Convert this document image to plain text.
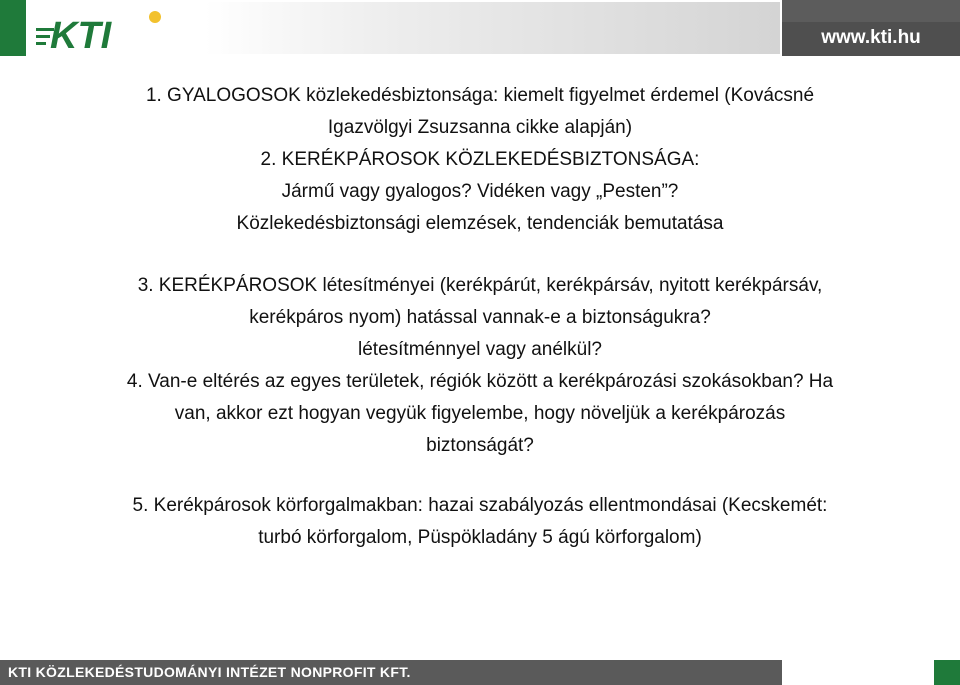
KTI	www.kti.hu

1. GYALOGOSOK közlekedésbiztonsága: kiemelt figyelmet érdemel (Kovácsné

Igazvölgyi Zsuzsanna cikke alapján)

2. KERÉKPÁROSOK KÖZLEKEDÉSBIZTONSÁGA:

Jármű vagy gyalogos? Vidéken vagy „Pesten”?

Közlekedésbiztonsági elemzések, tendenciák bemutatása

3. KERÉKPÁROSOK létesítményei (kerékpárút, kerékpársáv, nyitott kerékpársáv,

kerékpáros nyom) hatással vannak-e a biztonságukra?

létesítménnyel vagy anélkül?

4. Van-e eltérés az egyes területek, régiók között a kerékpározási szokásokban? Ha

van, akkor ezt hogyan vegyük figyelembe, hogy növeljük a kerékpározás

biztonságát?

5. Kerékpárosok körforgalmakban: hazai szabályozás ellentmondásai (Kecskemét:

turbó körforgalom, Püspökladány 5 ágú körforgalom)

KTI KÖZLEKEDÉSTUDOMÁNYI INTÉZET NONPROFIT KFT.
